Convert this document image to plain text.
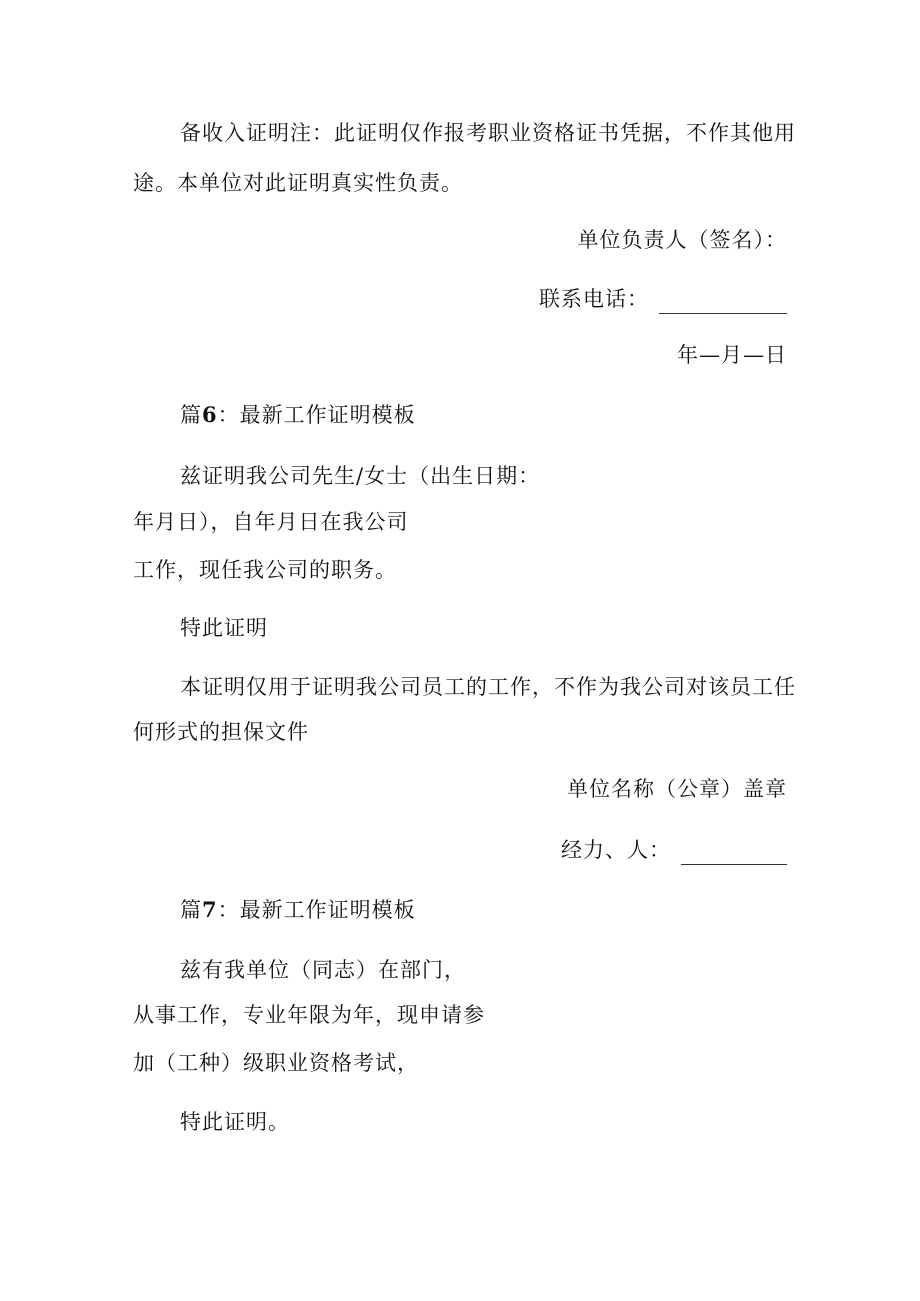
备收入证明注：此证明仅作报考职业资格证书凭据，不作其他用
途。本单位对此证明真实性负责。
单位负责人（签名）：
联系电话：
年—月—日
篇6：最新工作证明模板
兹证明我公司先生/女士（出生日期：
年月日），自年月日在我公司
工作，现任我公司的职务。
特此证明
本证明仅用于证明我公司员工的工作，不作为我公司对该员工任
何形式的担保文件
单位名称（公章）盖章
经力、人：
篇7：最新工作证明模板
兹有我单位（同志）在部门，
从事工作，专业年限为年，现申请参
加（工种）级职业资格考试，
特此证明。
